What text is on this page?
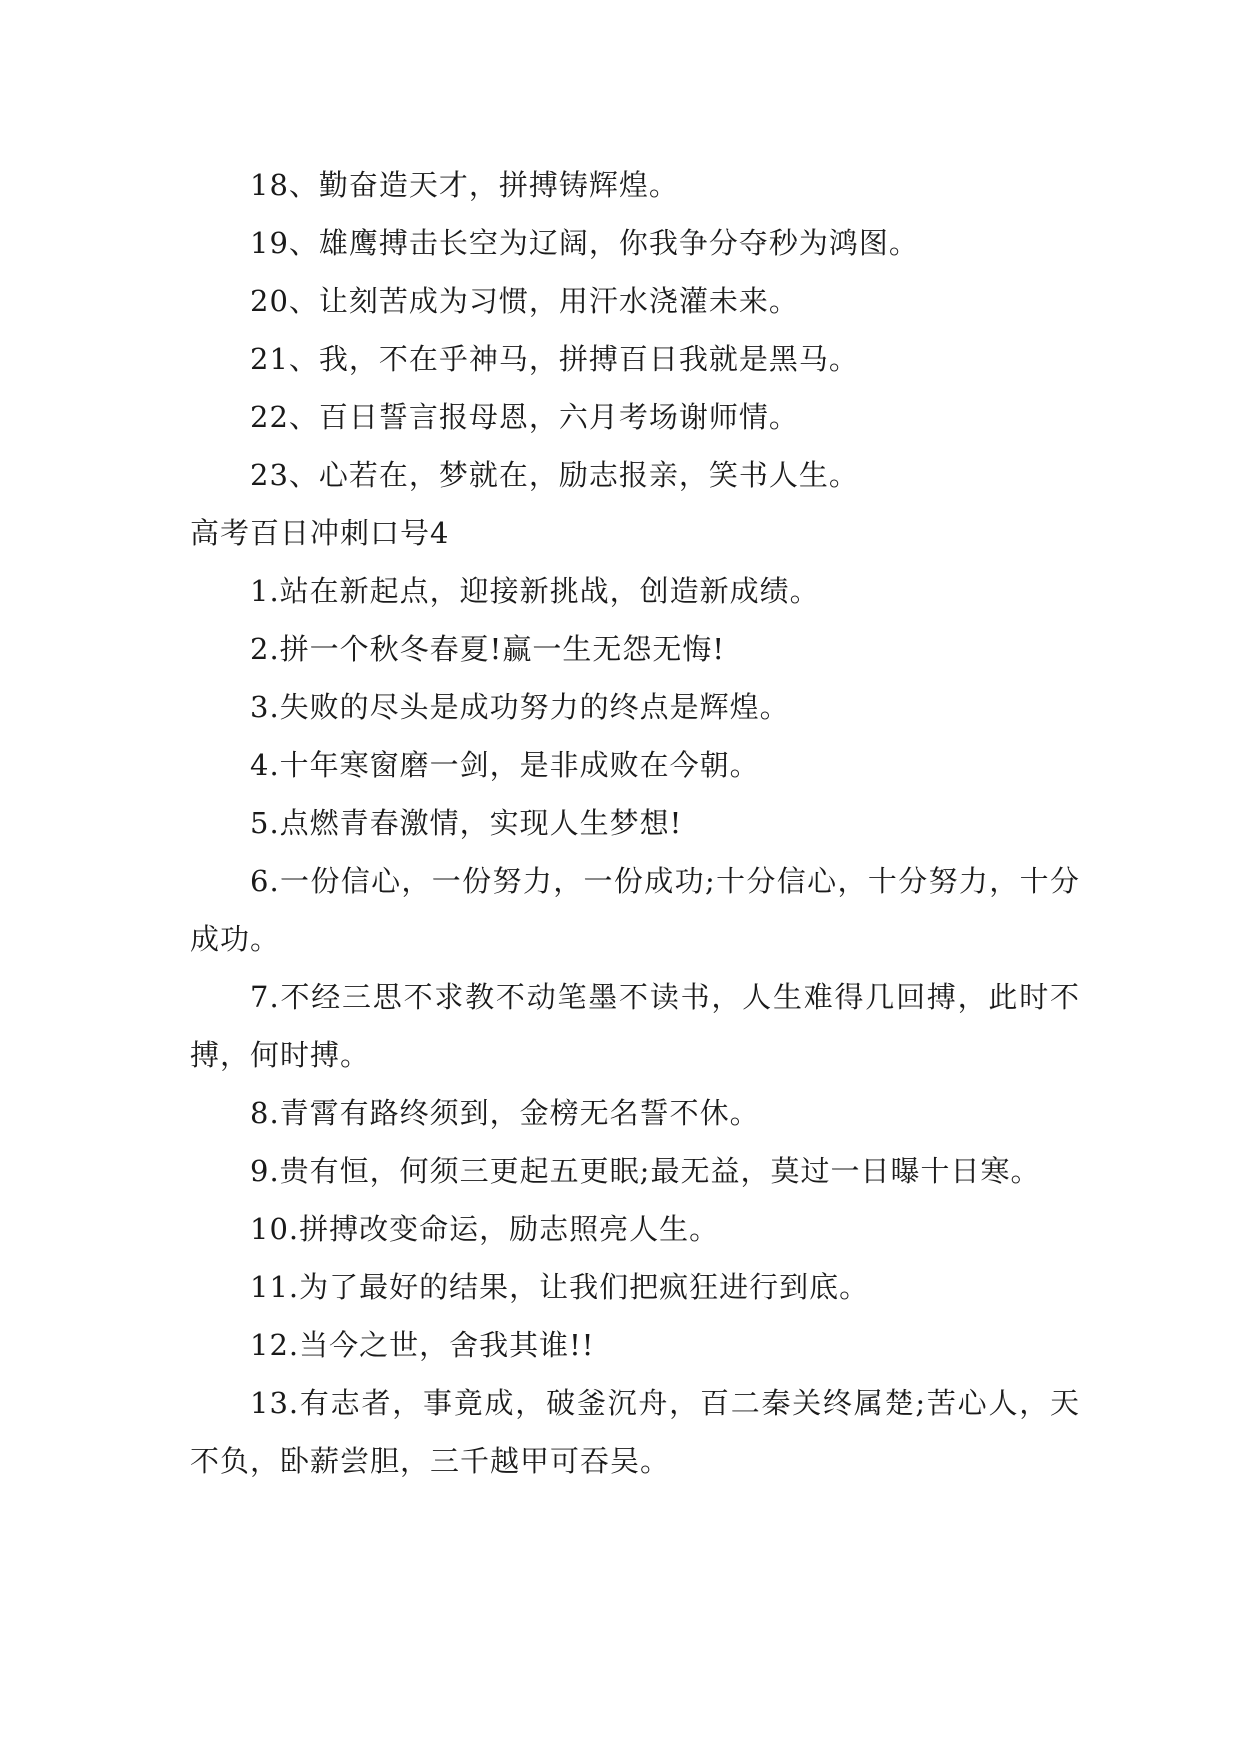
18、勤奋造天才，拼搏铸辉煌。

19、雄鹰搏击长空为辽阔，你我争分夺秒为鸿图。

20、让刻苦成为习惯，用汗水浇灌未来。

21、我，不在乎神马，拼搏百日我就是黑马。

22、百日誓言报母恩，六月考场谢师情。

23、心若在，梦就在，励志报亲，笑书人生。

高考百日冲刺口号4

1.站在新起点，迎接新挑战，创造新成绩。

2.拼一个秋冬春夏!赢一生无怨无悔!

3.失败的尽头是成功努力的终点是辉煌。

4.十年寒窗磨一剑，是非成败在今朝。

5.点燃青春激情，实现人生梦想!

6.一份信心，一份努力，一份成功;十分信心，十分努力，十分成功。

7.不经三思不求教不动笔墨不读书，人生难得几回搏，此时不搏，何时搏。

8.青霄有路终须到，金榜无名誓不休。

9.贵有恒，何须三更起五更眠;最无益，莫过一日曝十日寒。

10.拼搏改变命运，励志照亮人生。

11.为了最好的结果，让我们把疯狂进行到底。

12.当今之世，舍我其谁!!

13.有志者，事竟成，破釜沉舟，百二秦关终属楚;苦心人，天不负，卧薪尝胆，三千越甲可吞吴。
